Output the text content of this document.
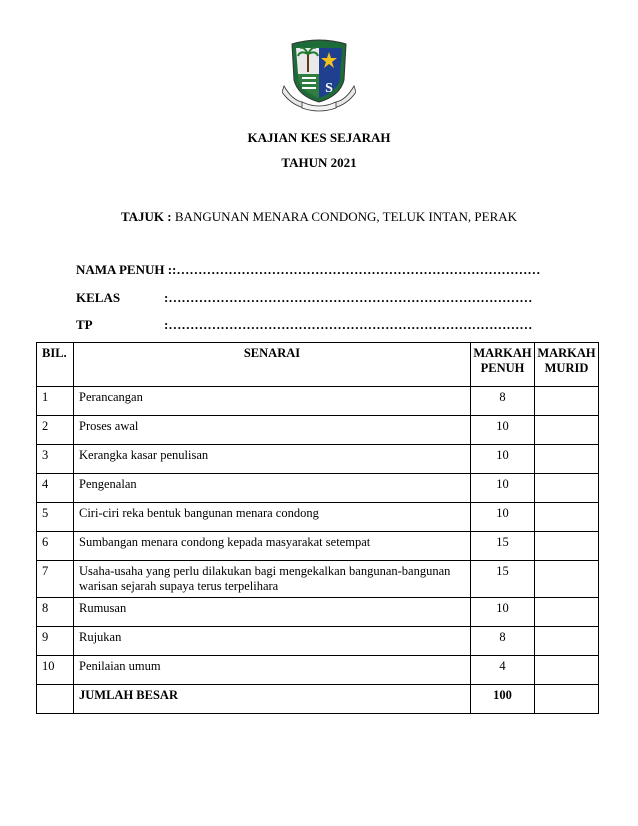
S
KAJIAN KES SEJARAH
TAHUN 2021
TAJUK : BANGUNAN MENARA CONDONG, TELUK INTAN, PERAK
NAMA PENUH ::…………………………………………………………………………
KELAS	:…………………………………………………………………………
TP	:…………………………………………………………………………
BIL.	SENARAI	MARKAH PENUH	MARKAH MURID
1	Perancangan	8	
2	Proses awal	10	
3	Kerangka kasar penulisan	10	
4	Pengenalan	10	
5	Ciri-ciri reka bentuk bangunan menara condong	10	
6	Sumbangan menara condong kepada masyarakat setempat	15	
7	Usaha-usaha yang perlu dilakukan bagi mengekalkan bangunan-bangunan warisan sejarah supaya terus terpelihara	15	
8	Rumusan	10	
9	Rujukan	8	
10	Penilaian umum	4	
	JUMLAH BESAR	100	
